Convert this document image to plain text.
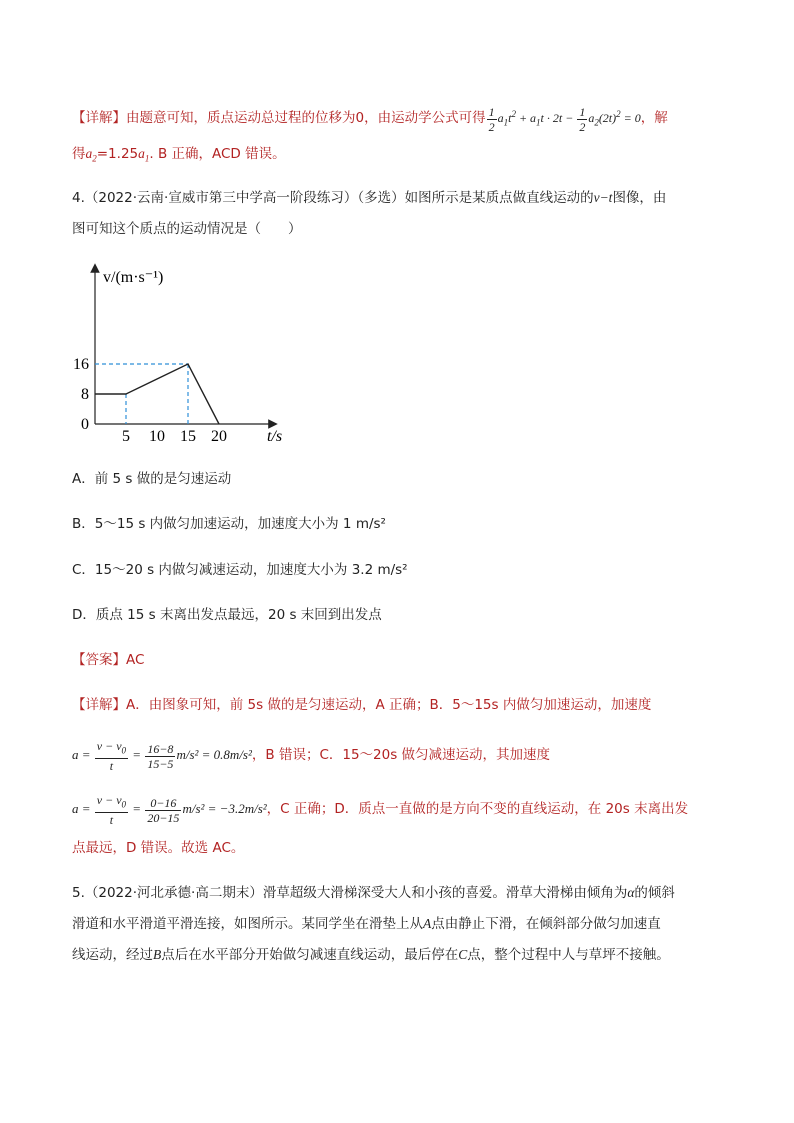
【详解】由题意可知，质点运动总过程的位移为0，由运动学公式可得 $\frac{1}{2} a_1t^2 + a_1t \cdot 2t - \frac{1}{2} a_2(2t)^2 = 0$，解
得$a_2=1.25a_1$. B 正确，ACD 错误。
4.（2022·云南·宣威市第三中学高一阶段练习）（多选）如图所示是某质点做直线运动的v−t图像，由
图可知这个质点的运动情况是（　　）
v/(m·s⁻¹)
t/s
5 10 15 20
0
8
16
A．前 5 s 做的是匀速运动
B．5～15 s 内做匀加速运动，加速度大小为 1 m/s²
C．15～20 s 内做匀减速运动，加速度大小为 3.2 m/s²
D．质点 15 s 末离出发点最远，20 s 末回到出发点
【答案】AC
【详解】A．由图象可知，前 5s 做的是匀速运动，A 正确；B．5～15s 内做匀加速运动，加速度
$a = \frac{v - v_0}{t} = \frac{16-8}{15-5} m/s^2 = 0.8m/s^2$，B 错误；C．15～20s 做匀减速运动，其加速度
$a = \frac{v - v_0}{t} = \frac{0-16}{20-15} m/s^2 = -3.2m/s^2$，C 正确；D．质点一直做的是方向不变的直线运动，在 20s 末离出发
点最远，D 错误。故选 AC。
5.（2022·河北承德·高二期末）滑草超级大滑梯深受大人和小孩的喜爱。滑草大滑梯由倾角为α的倾斜
滑道和水平滑道平滑连接，如图所示。某同学坐在滑垫上从A点由静止下滑，在倾斜部分做匀加速直
线运动，经过B点后在水平部分开始做匀减速直线运动，最后停在C点，整个过程中人与草坪不接触。
